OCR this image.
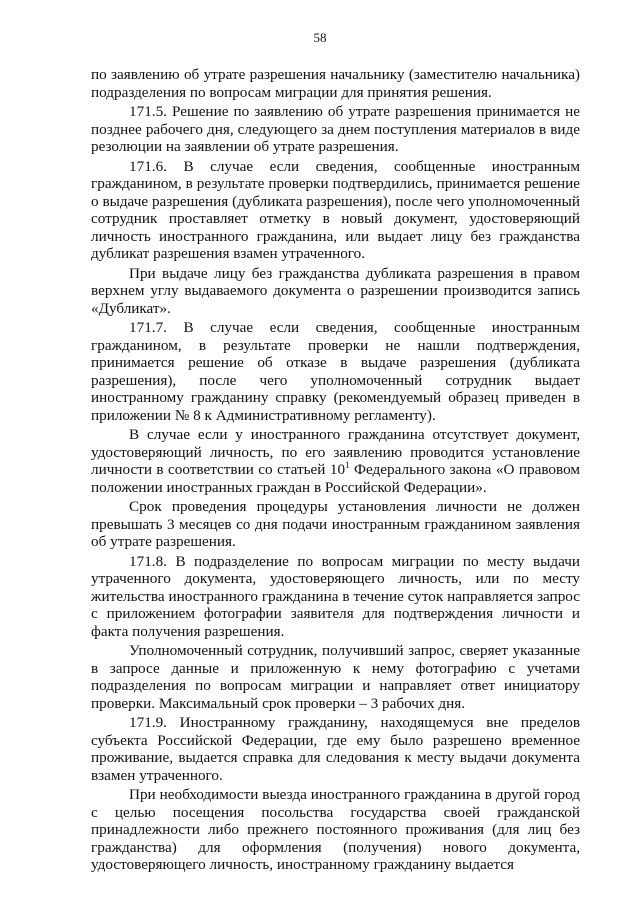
58

по заявлению об утрате разрешения начальнику (заместителю начальника) подразделения по вопросам миграции для принятия решения.

171.5. Решение по заявлению об утрате разрешения принимается не позднее рабочего дня, следующего за днем поступления материалов в виде резолюции на заявлении об утрате разрешения.

171.6. В случае если сведения, сообщенные иностранным гражданином, в результате проверки подтвердились, принимается решение о выдаче разрешения (дубликата разрешения), после чего уполномоченный сотрудник проставляет отметку в новый документ, удостоверяющий личность иностранного гражданина, или выдает лицу без гражданства дубликат разрешения взамен утраченного.

При выдаче лицу без гражданства дубликата разрешения в правом верхнем углу выдаваемого документа о разрешении производится запись «Дубликат».

171.7. В случае если сведения, сообщенные иностранным гражданином, в результате проверки не нашли подтверждения, принимается решение об отказе в выдаче разрешения (дубликата разрешения), после чего уполномоченный сотрудник выдает иностранному гражданину справку (рекомендуемый образец приведен в приложении № 8 к Административному регламенту).

В случае если у иностранного гражданина отсутствует документ, удостоверяющий личность, по его заявлению проводится установление личности в соответствии со статьей $10^1$ Федерального закона «О правовом положении иностранных граждан в Российской Федерации».

Срок проведения процедуры установления личности не должен превышать 3 месяцев со дня подачи иностранным гражданином заявления об утрате разрешения.

171.8. В подразделение по вопросам миграции по месту выдачи утраченного документа, удостоверяющего личность, или по месту жительства иностранного гражданина в течение суток направляется запрос с приложением фотографии заявителя для подтверждения личности и факта получения разрешения.

Уполномоченный сотрудник, получивший запрос, сверяет указанные в запросе данные и приложенную к нему фотографию с учетами подразделения по вопросам миграции и направляет ответ инициатору проверки. Максимальный срок проверки – 3 рабочих дня.

171.9. Иностранному гражданину, находящемуся вне пределов субъекта Российской Федерации, где ему было разрешено временное проживание, выдается справка для следования к месту выдачи документа взамен утраченного.

При необходимости выезда иностранного гражданина в другой город с целью посещения посольства государства своей гражданской принадлежности либо прежнего постоянного проживания (для лиц без гражданства) для оформления (получения) нового документа, удостоверяющего личность, иностранному гражданину выдается
